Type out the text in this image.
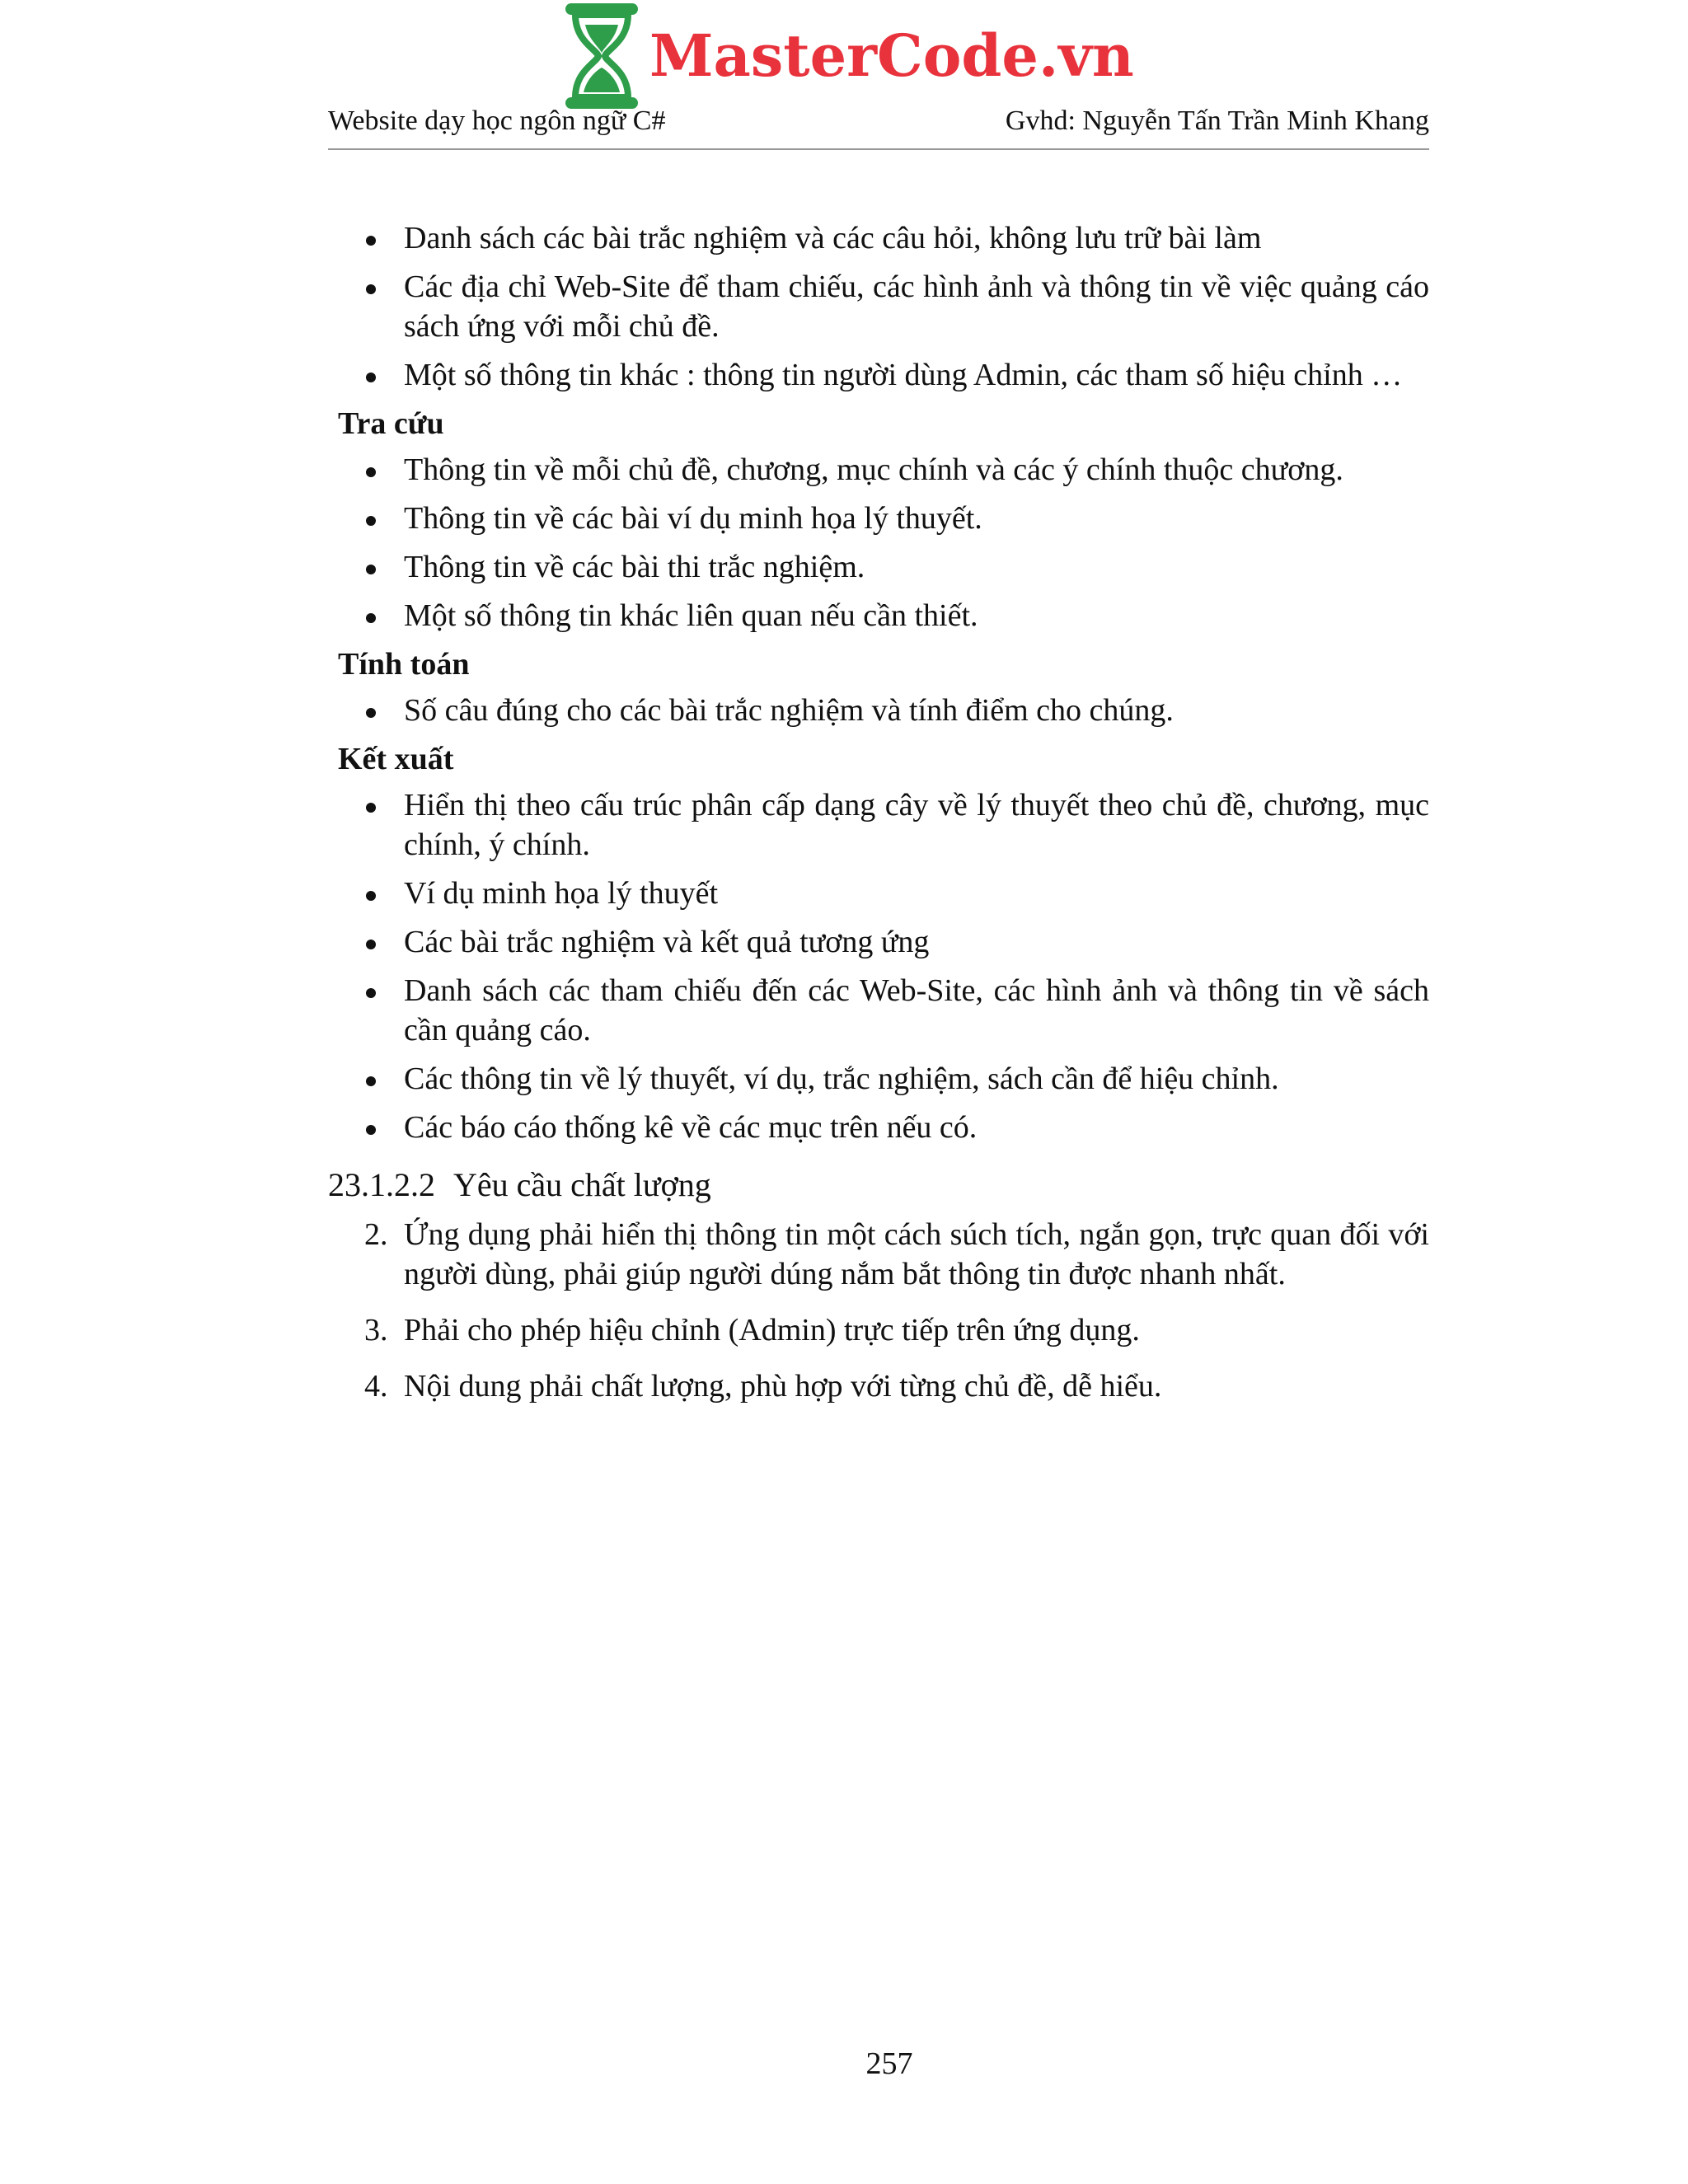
MasterCode.vn
Website dạy học ngôn ngữ C#	Gvhd: Nguyễn Tấn Trần Minh Khang
Danh sách các bài trắc nghiệm và các câu hỏi, không lưu trữ bài làm
Các địa chỉ Web-Site để tham chiếu, các hình ảnh và thông tin về việc quảng cáo sách ứng với mỗi chủ đề.
Một số thông tin khác : thông tin người dùng Admin, các tham số hiệu chỉnh …
Tra cứu
Thông tin về mỗi chủ đề, chương, mục chính và các ý chính thuộc chương.
Thông tin về các bài ví dụ minh họa lý thuyết.
Thông tin về các bài thi trắc nghiệm.
Một số thông tin khác liên quan nếu cần thiết.
Tính toán
Số câu đúng cho các bài trắc nghiệm và tính điểm cho chúng.
Kết xuất
Hiển thị theo cấu trúc phân cấp dạng cây về lý thuyết theo chủ đề, chương, mục chính, ý chính.
Ví dụ minh họa lý thuyết
Các bài trắc nghiệm và kết quả tương ứng
Danh sách các tham chiếu đến các Web-Site, các hình ảnh và thông tin về sách cần quảng cáo.
Các thông tin về lý thuyết, ví dụ, trắc nghiệm, sách cần để hiệu chỉnh.
Các báo cáo thống kê về các mục trên nếu có.
23.1.2.2 Yêu cầu chất lượng
2. Ứng dụng phải hiển thị thông tin một cách súch tích, ngắn gọn, trực quan đối với người dùng, phải giúp người dúng nắm bắt thông tin được nhanh nhất.
3. Phải cho phép hiệu chỉnh (Admin) trực tiếp trên ứng dụng.
4. Nội dung phải chất lượng, phù hợp với từng chủ đề, dễ hiểu.
257
